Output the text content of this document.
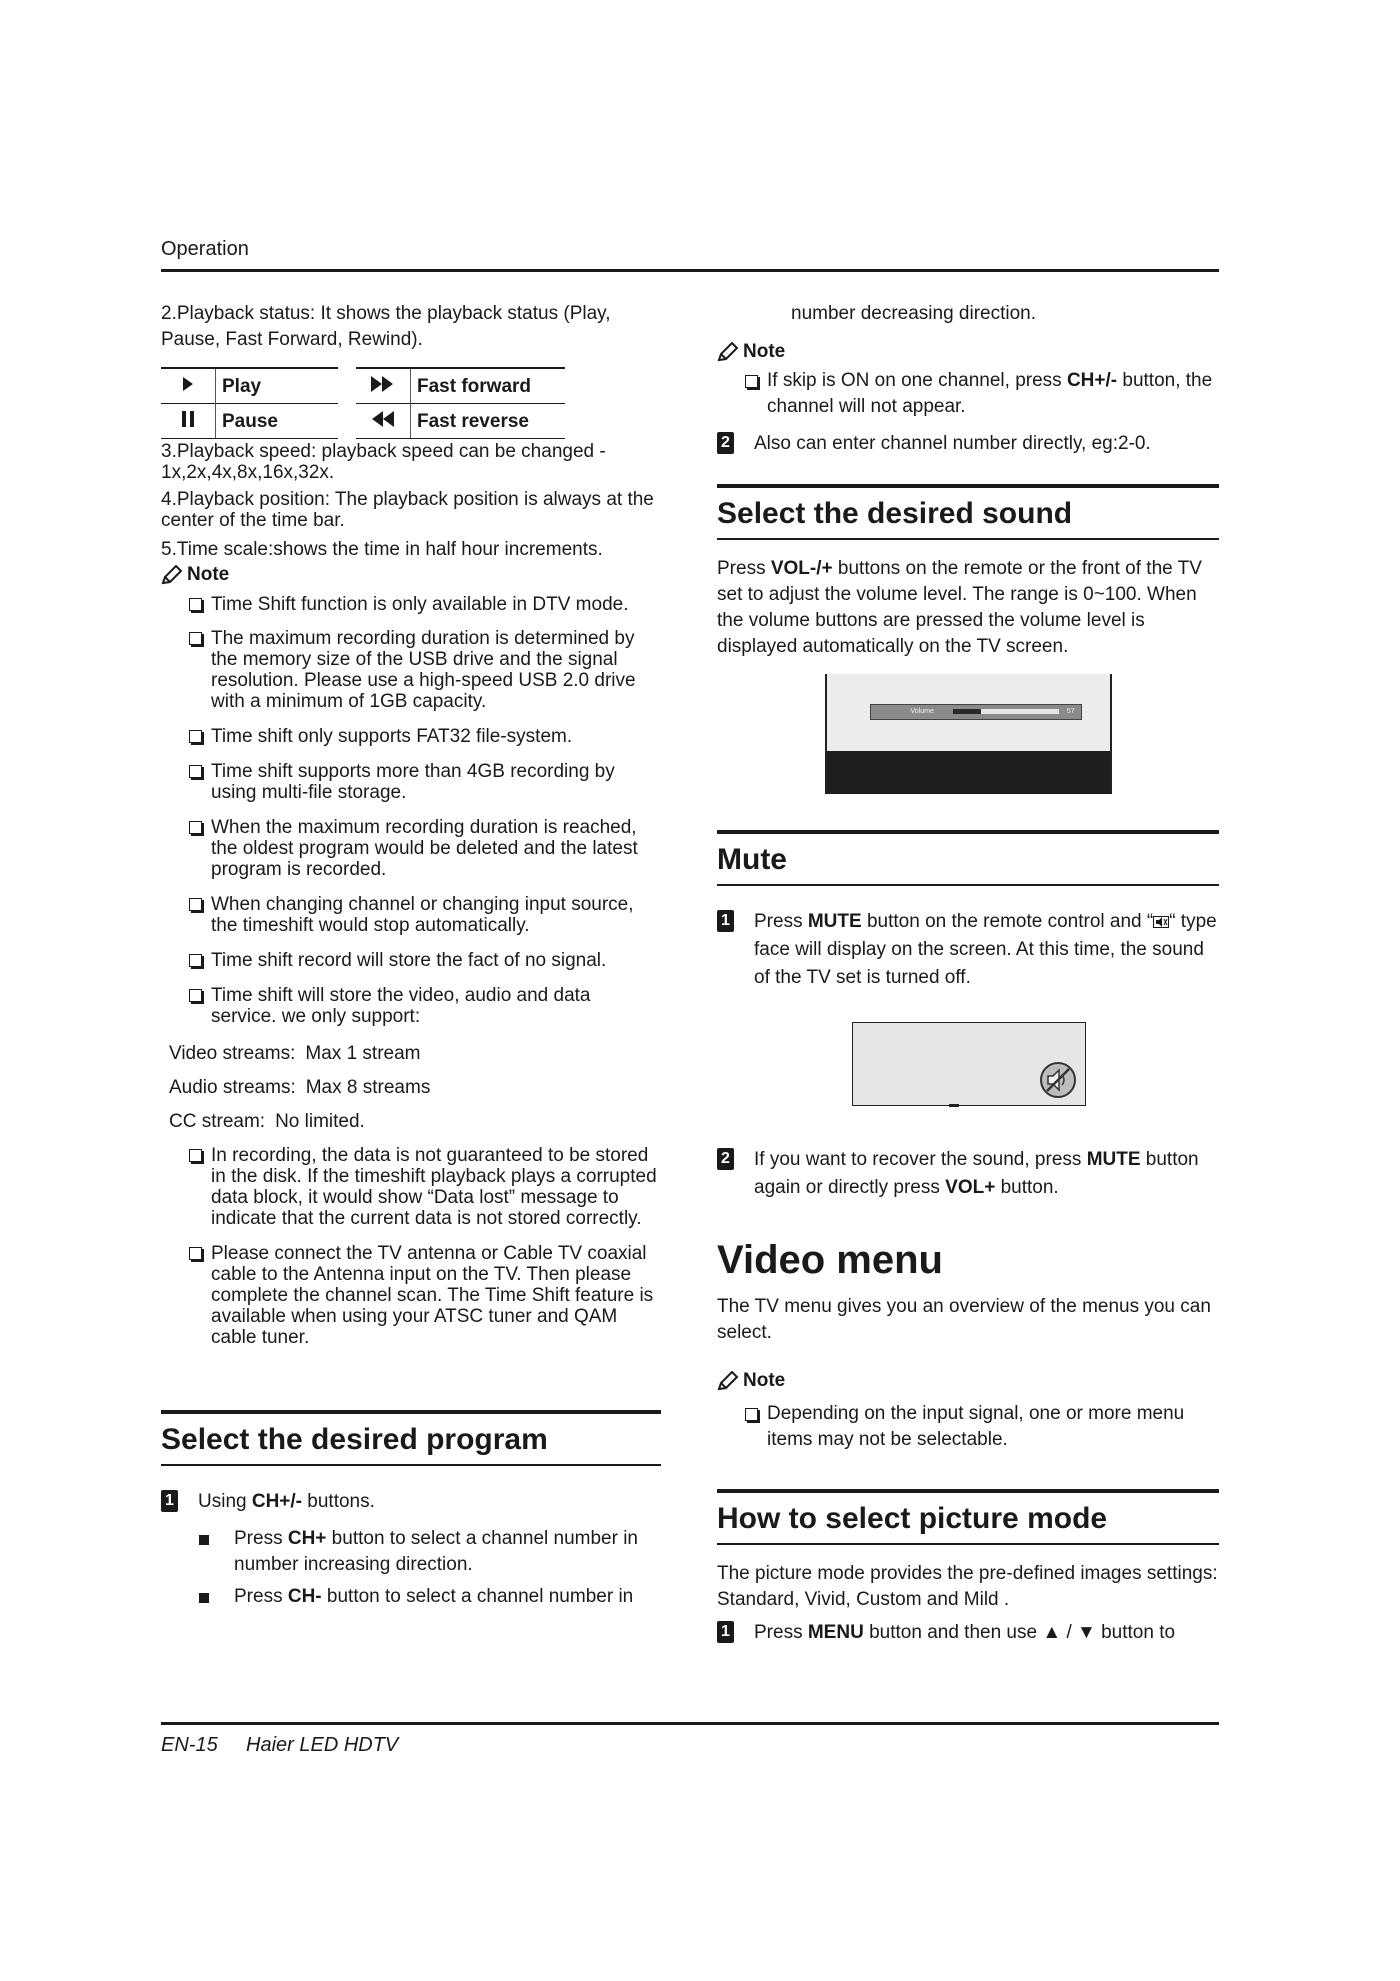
Operation

2.Playback status: It shows the playback status (Play, Pause, Fast Forward, Rewind).

	Play			Fast forward
	Pause			Fast reverse

3.Playback speed: playback speed can be changed - 1x,2x,4x,8x,16x,32x.

4.Playback position: The playback position is always at the center of the time bar.

5.Time scale:shows the time in half hour increments.

Note
Time Shift function is only available in DTV mode.
The maximum recording duration is determined by the memory size of the USB drive and the signal resolution. Please use a high-speed USB 2.0 drive with a minimum of 1GB capacity.
Time shift only supports FAT32 file-system.
Time shift supports more than 4GB recording by using multi-file storage.
When the maximum recording duration is reached, the oldest program would be deleted and the latest program is recorded.
When changing channel or changing input source, the timeshift would stop automatically.
Time shift record will store the fact of no signal.
Time shift will store the video, audio and data service. we only support:
Video streams: Max 1 stream
Audio streams: Max 8 streams
CC stream: No limited.
In recording, the data is not guaranteed to be stored in the disk. If the timeshift playback plays a corrupted data block, it would show “Data lost” message to indicate that the current data is not stored correctly.
Please connect the TV antenna or Cable TV coaxial cable to the Antenna input on the TV. Then please complete the channel scan. The Time Shift feature is available when using your ATSC tuner and QAM cable tuner.
Select the desired program
1 Using CH+/- buttons.
Press CH+ button to select a channel number in number increasing direction.
Press CH- button to select a channel number in

number decreasing direction.

Note
If skip is ON on one channel, press CH+/- button, the channel will not appear.
2 Also can enter channel number directly, eg:2-0.
Select the desired sound

Press VOL-/+ buttons on the remote or the front of the TV set to adjust the volume level. The range is 0~100. When the volume buttons are pressed the volume level is displayed automatically on the TV screen.

Volume	57
Mute
1 Press MUTE button on the remote control and “ “ type face will display on the screen. At this time, the sound of the TV set is turned off.
2 If you want to recover the sound, press MUTE button again or directly press VOL+ button.
Video menu

The TV menu gives you an overview of the menus you can select.

Note
Depending on the input signal, one or more menu items may not be selectable.
How to select picture mode

The picture mode provides the pre-defined images settings: Standard, Vivid, Custom and Mild .

1 Press MENU button and then use ▲ / ▼ button to
EN-15 Haier LED HDTV
